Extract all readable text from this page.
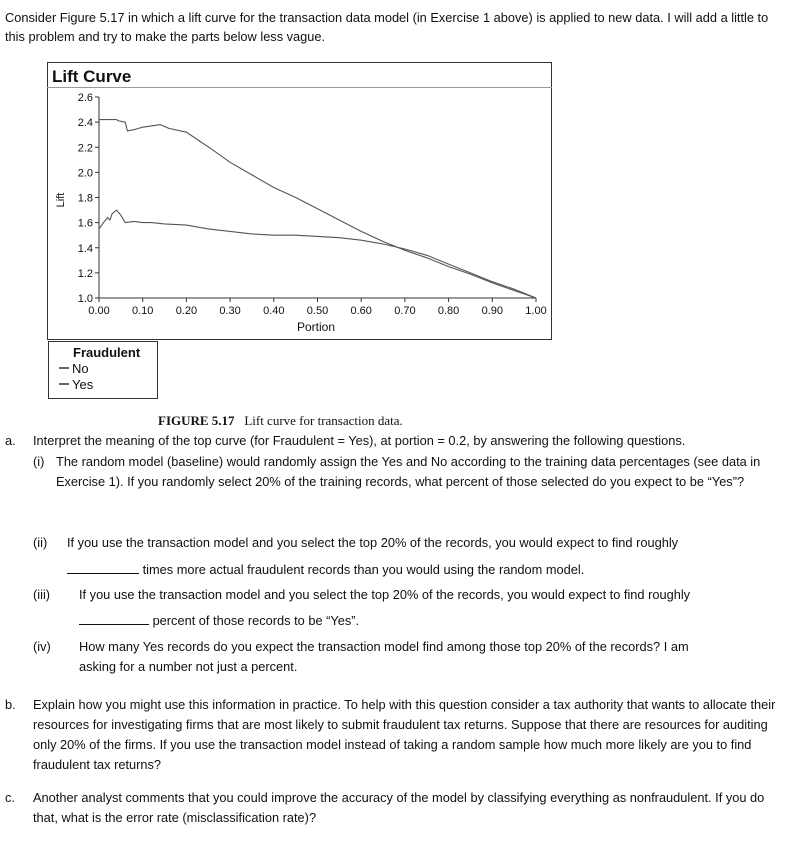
Consider Figure 5.17 in which a lift curve for the transaction data model (in Exercise 1 above) is applied to new data. I will add a little to this problem and try to make the parts below less vague.
Lift Curve
Lift
Portion
1.0
1.2
1.4
1.6
1.8
2.0
2.2
2.4
2.6
0.00 0.10 0.20 0.30 0.40 0.50 0.60 0.70 0.80 0.90 1.00
Fraudulent
No
Yes
FIGURE 5.17 Lift curve for transaction data.
a. Interpret the meaning of the top curve (for Fraudulent = Yes), at portion = 0.2, by answering the following questions.
(i) The random model (baseline) would randomly assign the Yes and No according to the training data percentages (see data in Exercise 1). If you randomly select 20% of the training records, what percent of those selected do you expect to be “Yes”?
(ii) If you use the transaction model and you select the top 20% of the records, you would expect to find roughly
times more actual fraudulent records than you would using the random model.
(iii) If you use the transaction model and you select the top 20% of the records, you would expect to find roughly
percent of those records to be “Yes”.
(iv) How many Yes records do you expect the transaction model find among those top 20% of the records? I am asking for a number not just a percent.
b. Explain how you might use this information in practice. To help with this question consider a tax authority that wants to allocate their resources for investigating firms that are most likely to submit fraudulent tax returns. Suppose that there are resources for auditing only 20% of the firms. If you use the transaction model instead of taking a random sample how much more likely are you to find fraudulent tax returns?
c. Another analyst comments that you could improve the accuracy of the model by classifying everything as nonfraudulent. If you do that, what is the error rate (misclassification rate)?
